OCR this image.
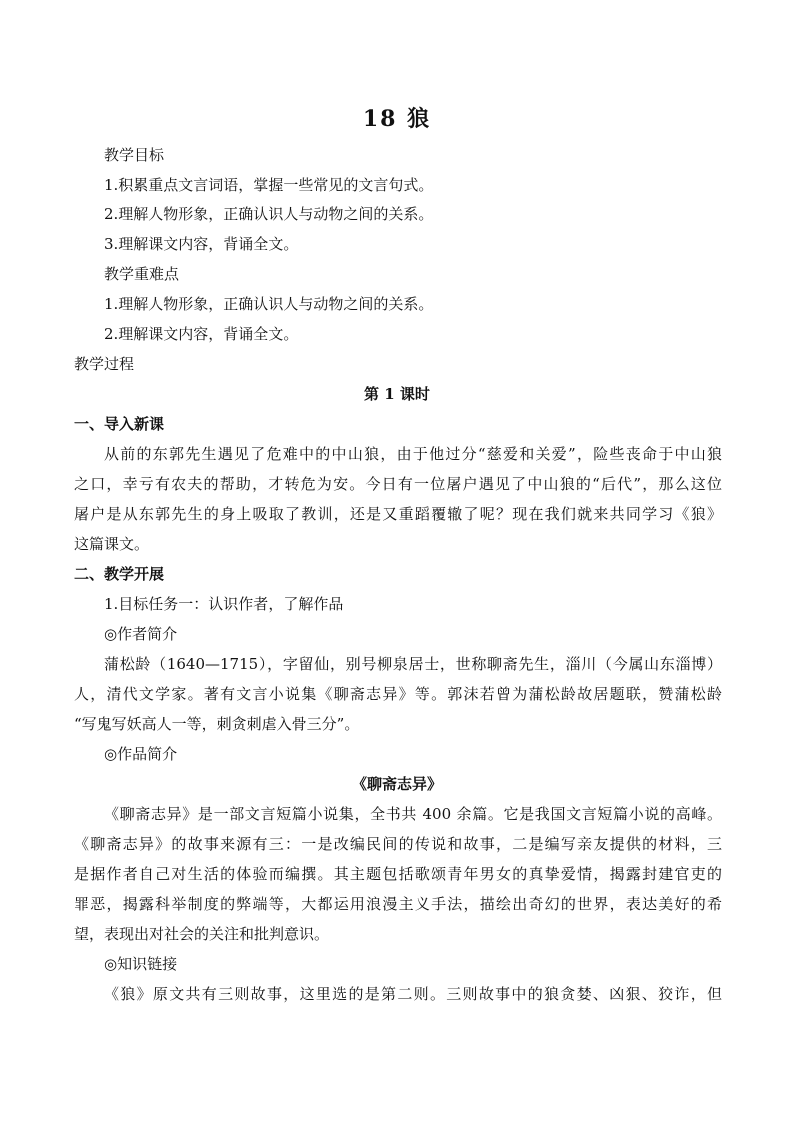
18 狼
教学目标
1.积累重点文言词语，掌握一些常见的文言句式。
2.理解人物形象，正确认识人与动物之间的关系。
3.理解课文内容，背诵全文。
教学重难点
1.理解人物形象，正确认识人与动物之间的关系。
2.理解课文内容，背诵全文。
教学过程
第 1 课时
一、导入新课
从前的东郭先生遇见了危难中的中山狼，由于他过分“慈爱和关爱”，险些丧命于中山狼
之口，幸亏有农夫的帮助，才转危为安。今日有一位屠户遇见了中山狼的“后代”，那么这位
屠户是从东郭先生的身上吸取了教训，还是又重蹈覆辙了呢？现在我们就来共同学习《狼》
这篇课文。
二、教学开展
1.目标任务一：认识作者，了解作品
◎作者简介
蒲松龄（1640—1715），字留仙，别号柳泉居士，世称聊斋先生，淄川（今属山东淄博）
人，清代文学家。著有文言小说集《聊斋志异》等。郭沫若曾为蒲松龄故居题联，赞蒲松龄
“写鬼写妖高人一等，刺贪刺虐入骨三分”。
◎作品简介
《聊斋志异》
《聊斋志异》是一部文言短篇小说集，全书共 400 余篇。它是我国文言短篇小说的高峰。
《聊斋志异》的故事来源有三：一是改编民间的传说和故事，二是编写亲友提供的材料，三
是据作者自己对生活的体验而编撰。其主题包括歌颂青年男女的真挚爱情，揭露封建官吏的
罪恶，揭露科举制度的弊端等，大都运用浪漫主义手法，描绘出奇幻的世界，表达美好的希
望，表现出对社会的关注和批判意识。
◎知识链接
《狼》原文共有三则故事，这里选的是第二则。三则故事中的狼贪婪、凶狠、狡诈，但
